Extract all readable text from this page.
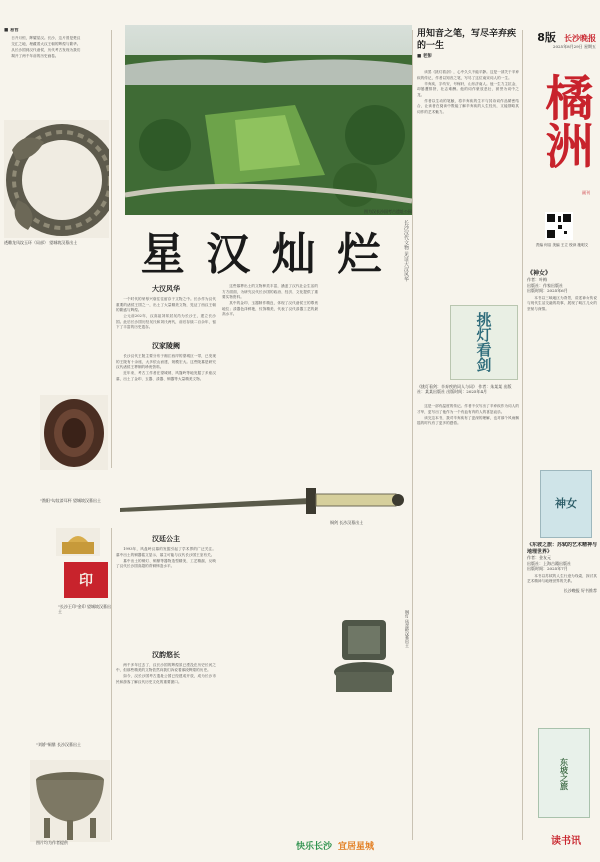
■ 易哲

日升月恒，辉耀星汉。长沙，这片曾是楚汉

交汇之地，埋藏着大汉王朝的辉煌与繁华。

从长沙国到汉代诸侯，历代考古发现为我们

揭开了两千年前的历史画卷。

透雕龙凤纹玉环（局部） 望城坡汉墓出土
"渔阳"勾纹漆耳杯 望城坡汉墓出土
印
"长沙王印"金印 望城坡汉墓出土
"刘娇"铜鼎 长沙汉墓出土
图片均为作者提供
图为汉长沙国考古遗址公园
星 汉 灿 烂	长沙汉代文物 见证大汉风华
大汉风华

一个时代的荣辱兴衰往往留存于文物之中。长沙作为汉代重要的诸侯王国之一，出土了大量精美文物，见证了西汉王朝的繁盛与辉煌。

公元前202年，汉高祖刘邦封吴芮为长沙王，建立长沙国。此后长沙国历经吴氏和刘氏两代，前后存续二百余年，留下了丰富的历史遗存。

汉家陵阙

长沙汉代王陵主要分布于湘江西岸的望城区一带，已发现的王陵有十余座，大多依山而建，规模宏大。这些陵墓是研究汉代诸侯王葬制的珍贵资料。

近年来，考古工作者在望城坡、风篷岭等地发掘了多座汉墓，出土了金印、玉器、漆器、铜器等大量精美文物。

铜剑 长沙汉墓出土
汉廷公主

1993年，风盘岭汉墓的发掘引起了学术界的广泛关注。墓中出土的铜器铭文显示，墓主可能与汉代长沙国王室有关。

墓中出土的铜灯、铜鼎等器物造型精美，工艺精湛，反映了汉代长沙国高超的青铜铸造水平。

汉韵悠长

两千多年过去了，汉长沙国的辉煌虽已湮没在历史长河之中，但那些精美的文物依然向我们诉说着那段辉煌的历史。

如今，汉长沙国考古遗址公园已经建成开放，成为长沙市民和游客了解汉代历史文化的重要窗口。

这些墓葬出土的文物种类丰富，涵盖了汉代社会生活的方方面面，为研究汉代长沙国的政治、经济、文化提供了重要实物资料。

其中的金印、玉器制作精良，体现了汉代诸侯王的尊贵地位；漆器色泽鲜艳，纹饰精美，代表了汉代漆器工艺的最高水平。

铜灯 风盘岭汉墓出土
用知音之笔，写尽辛弃疾的一生
■ 老彭

读罢《挑灯看剑》，心中久久不能平静。这是一部关于辛弃疾的传记，作者以知音之笔，写尽了这位南宋词人的一生。

辛弃疾，字幼安，号稼轩，山东济南人。他一生力主抗金，却屡遭排挤，壮志难酬。他的词作豪放悲壮，被誉为词中之龙。

作者以生动的笔触，将辛弃疾的生平与其诗词作品紧密结合，让读者在阅读中既能了解辛弃疾的人生经历，又能领略其词作的艺术魅力。

挑灯看剑
《挑灯看剑：辛弃疾的词人与词》 作者：朱某某 出版社：某某出版社 出版时间：2025年4月

这是一部有温度的传记。作者不仅写出了辛弃疾作为词人的才华，更写出了他作为一个有血有肉的人的喜怒哀乐。

读完这本书，我对辛弃疾有了更深的理解，也对那个风雨飘摇的时代有了更多的感悟。

8版 长沙晚报
2025年8月29日 星期五
橘洲
副刊
责编 何洁 美编 王立 校读 施明文
《神女》
作者：叶梅
出版社：作家出版社
出版时间：2025年6月

本书以三峡地区为背景，讲述神女传说与现代生活交融的故事，展现了峡江儿女的坚韧与深情。

神女
《东坡之旅：苏轼的艺术精神与地理世界》
作者：金友元
出版社：上海古籍出版社
出版时间：2025年7月

本书以苏轼的人生行迹为线索，探讨其艺术精神与地理世界的关系。

长沙晚报 好书推荐
东坡之旅
读书讯
快乐长沙 宜居星城
